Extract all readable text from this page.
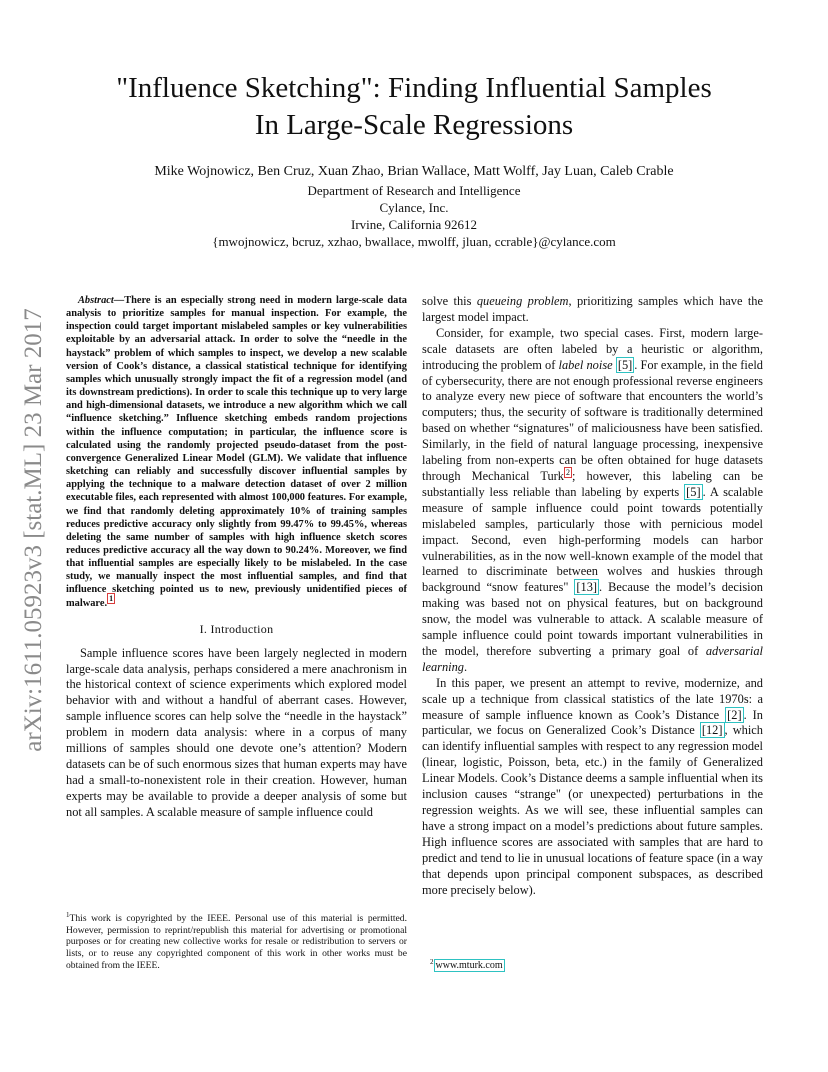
arXiv:1611.05923v3 [stat.ML] 23 Mar 2017
"Influence Sketching": Finding Influential Samples
In Large-Scale Regressions
Mike Wojnowicz, Ben Cruz, Xuan Zhao, Brian Wallace, Matt Wolff, Jay Luan, Caleb Crable
Department of Research and Intelligence
Cylance, Inc.
Irvine, California 92612
{mwojnowicz, bcruz, xzhao, bwallace, mwolff, jluan, ccrable}@cylance.com

Abstract—There is an especially strong need in modern large-scale data analysis to prioritize samples for manual inspection. For example, the inspection could target important mislabeled samples or key vulnerabilities exploitable by an adversarial attack. In order to solve the “needle in the haystack” problem of which samples to inspect, we develop a new scalable version of Cook’s distance, a classical statistical technique for identifying samples which unusually strongly impact the fit of a regression model (and its downstream predictions). In order to scale this technique up to very large and high-dimensional datasets, we introduce a new algorithm which we call “influence sketching.” Influence sketching embeds random projections within the influence computation; in particular, the influence score is calculated using the randomly projected pseudo-dataset from the post-convergence Generalized Linear Model (GLM). We validate that influence sketching can reliably and successfully discover influential samples by applying the technique to a malware detection dataset of over 2 million executable files, each represented with almost 100,000 features. For example, we find that randomly deleting approximately 10% of training samples reduces predictive accuracy only slightly from 99.47% to 99.45%, whereas deleting the same number of samples with high influence sketch scores reduces predictive accuracy all the way down to 90.24%. Moreover, we find that influential samples are especially likely to be mislabeled. In the case study, we manually inspect the most influential samples, and find that influence sketching pointed us to new, previously unidentified pieces of malware. $^1$

I. Introduction

Sample influence scores have been largely neglected in modern large-scale data analysis, perhaps considered a mere anachronism in the historical context of science experiments which explored model behavior with and without a handful of aberrant cases. However, sample influence scores can help solve the “needle in the haystack” problem in modern data analysis: where in a corpus of many millions of samples should one devote one’s attention? Modern datasets can be of such enormous sizes that human experts may have had a small-to-nonexistent role in their creation. However, human experts may be available to provide a deeper analysis of some but not all samples. A scalable measure of sample influence could

solve this queueing problem, prioritizing samples which have the largest model impact.

Consider, for example, two special cases. First, modern large-scale datasets are often labeled by a heuristic or algorithm, introducing the problem of label noise [5] . For example, in the field of cybersecurity, there are not enough professional reverse engineers to analyze every new piece of software that encounters the world’s computers; thus, the security of software is traditionally determined based on whether “signatures" of maliciousness have been satisfied. Similarly, in the field of natural language processing, inexpensive labeling from non-experts can be often obtained for huge datasets through Mechanical Turk $^2$ ; however, this labeling can be substantially less reliable than labeling by experts [5] . A scalable measure of sample influence could point towards potentially mislabeled samples, particularly those with pernicious model impact. Second, even high-performing models can harbor vulnerabilities, as in the now well-known example of the model that learned to discriminate between wolves and huskies through background “snow features" [13] . Because the model’s decision making was based not on physical features, but on background snow, the model was vulnerable to attack. A scalable measure of sample influence could point towards important vulnerabilities in the model, therefore subverting a primary goal of adversarial learning.

In this paper, we present an attempt to revive, modernize, and scale up a technique from classical statistics of the late 1970s: a measure of sample influence known as Cook’s Distance [2] . In particular, we focus on Generalized Cook’s Distance [12] , which can identify influential samples with respect to any regression model (linear, logistic, Poisson, beta, etc.) in the family of Generalized Linear Models. Cook’s Distance deems a sample influential when its inclusion causes “strange" (or unexpected) perturbations in the regression weights. As we will see, these influential samples can have a strong impact on a model’s predictions about future samples. High influence scores are associated with samples that are hard to predict and tend to lie in unusual locations of feature space (in a way that depends upon principal component subspaces, as described more precisely below).

$^1$This work is copyrighted by the IEEE. Personal use of this material is permitted. However, permission to reprint/republish this material for advertising or promotional purposes or for creating new collective works for resale or redistribution to servers or lists, or to reuse any copyrighted component of this work in other works must be obtained from the IEEE.	$^2$ www.mturk.com
